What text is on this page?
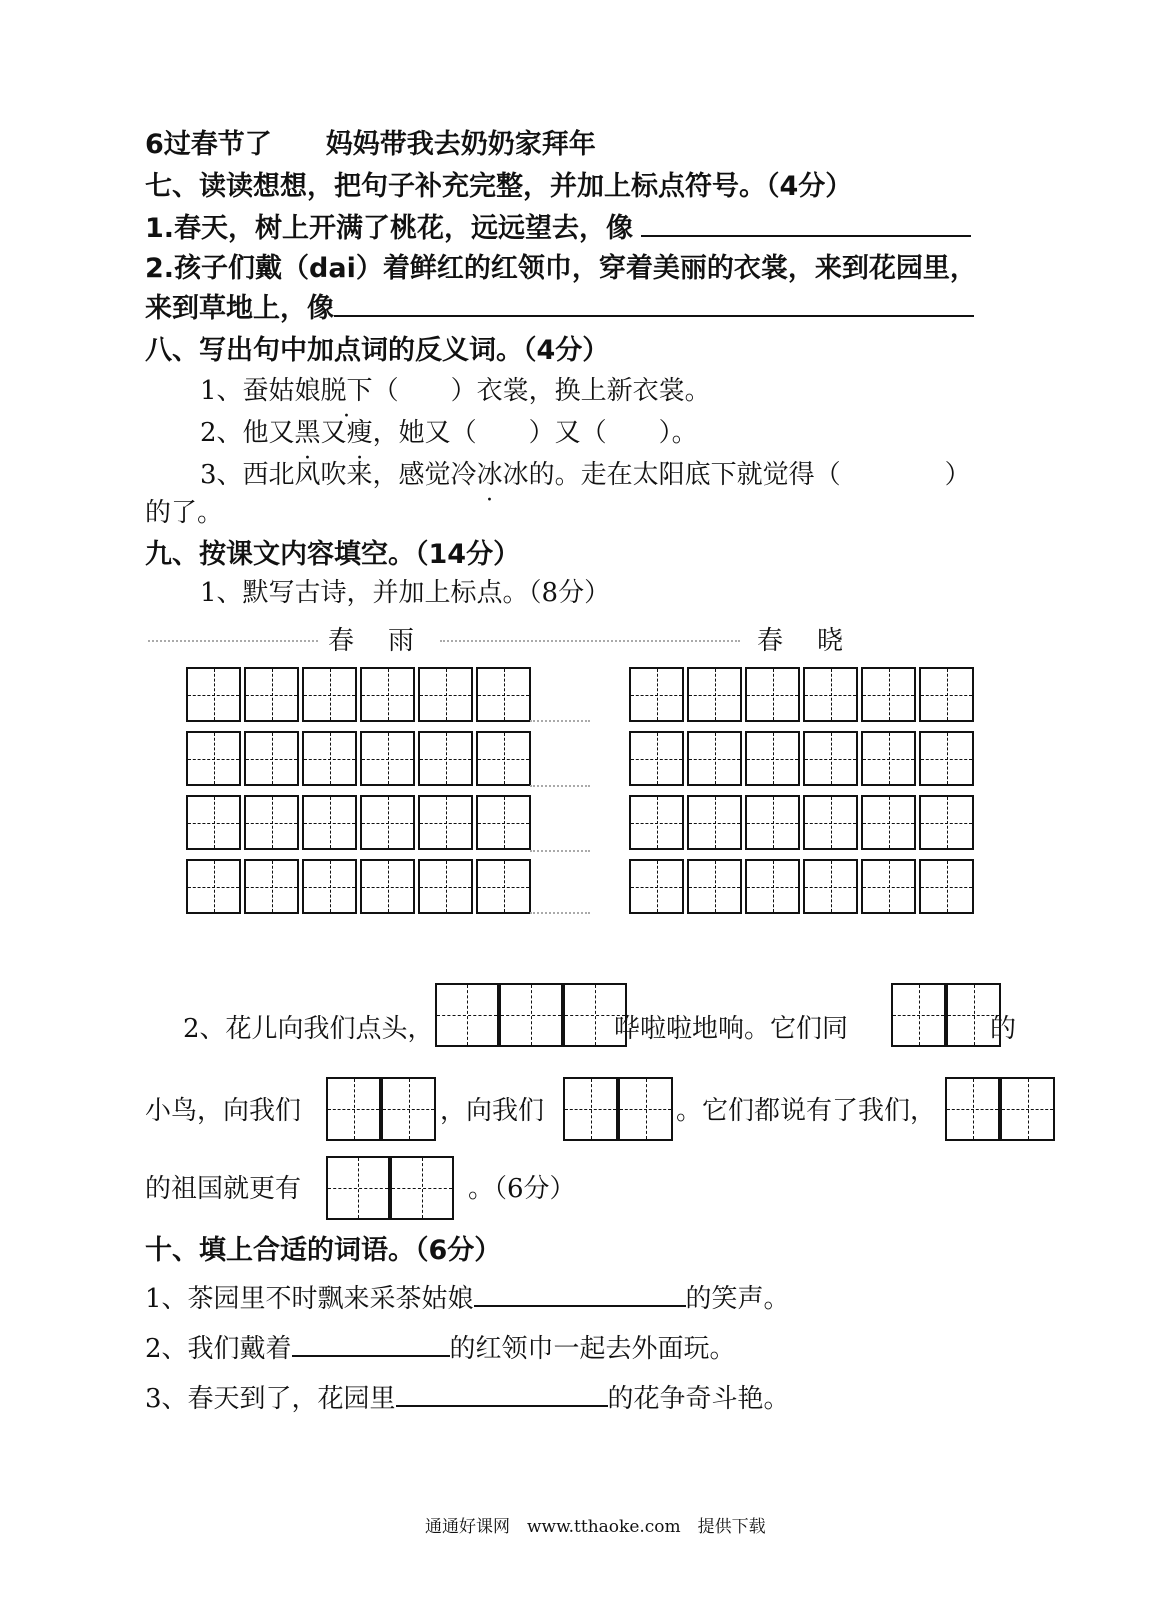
6过春节了　　妈妈带我去奶奶家拜年
七、读读想想，把句子补充完整，并加上标点符号。（4分）
1.春天，树上开满了桃花，远远望去，像
2.孩子们戴（dai）着鲜红的红领巾，穿着美丽的衣裳，来到花园里，
来到草地上，像
八、写出句中加点词的反义词。（4分）
1、蚕姑娘脱下（　　）衣裳，换上新衣裳。
2、他又黑又瘦，她又（　　）又（　　）。
3、西北风吹来，感觉冷冰冰的。走在太阳底下就觉得（　　　　）
的了。
九、按课文内容填空。（14分）
1、默写古诗，并加上标点。（8分）
春　雨	春　晓
2、花儿向我们点头，	哗啦啦地响。它们同	的
小鸟，向我们	，向我们	。它们都说有了我们，
的祖国就更有	。（6分）
十、填上合适的词语。（6分）
1、茶园里不时飘来采茶姑娘	的笑声。
2、我们戴着	的红领巾一起去外面玩。
3、春天到了，花园里	的花争奇斗艳。
通通好课网　www.tthaoke.com　提供下载
